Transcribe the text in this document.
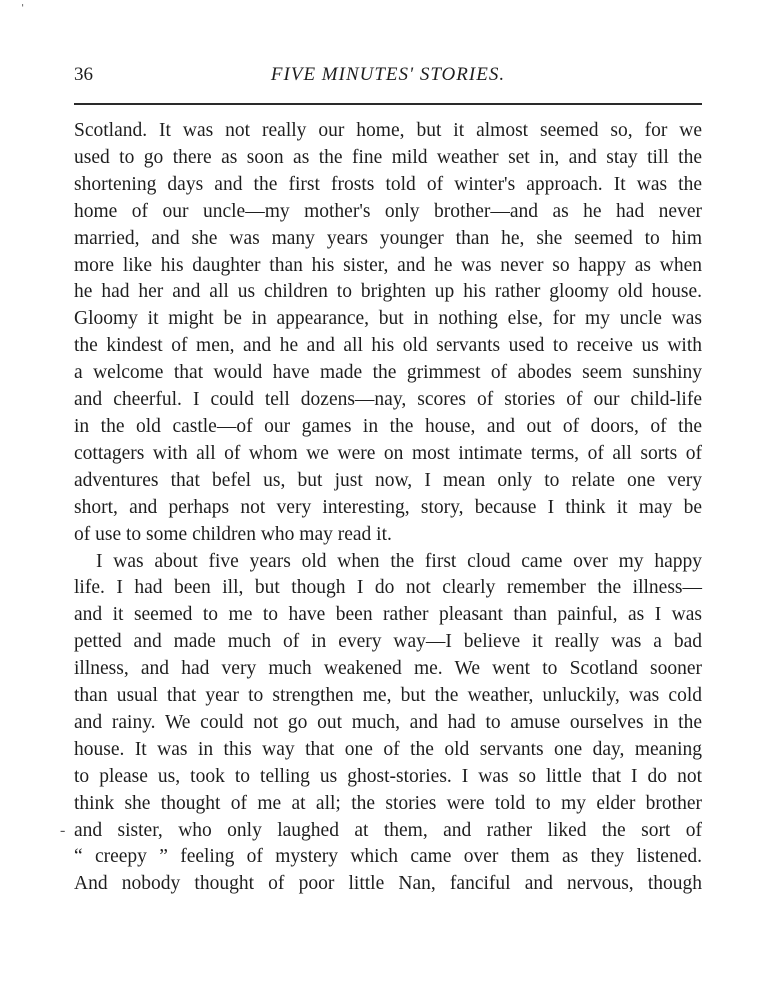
36	FIVE MINUTES' STORIES.
Scotland. It was not really our home, but it almost seemed so, for we
used to go there as soon as the fine mild weather set in, and stay till the
shortening days and the first frosts told of winter's approach. It was the
home of our uncle—my mother's only brother—and as he had never
married, and she was many years younger than he, she seemed to him
more like his daughter than his sister, and he was never so happy as when
he had her and all us children to brighten up his rather gloomy old house.
Gloomy it might be in appearance, but in nothing else, for my uncle was
the kindest of men, and he and all his old servants used to receive us with
a welcome that would have made the grimmest of abodes seem sunshiny
and cheerful. I could tell dozens—nay, scores of stories of our child-life
in the old castle—of our games in the house, and out of doors, of the
cottagers with all of whom we were on most intimate terms, of all sorts of
adventures that befel us, but just now, I mean only to relate one very
short, and perhaps not very interesting, story, because I think it may be
of use to some children who may read it.
I was about five years old when the first cloud came over my happy
life. I had been ill, but though I do not clearly remember the illness—
and it seemed to me to have been rather pleasant than painful, as I was
petted and made much of in every way—I believe it really was a bad
illness, and had very much weakened me. We went to Scotland sooner
than usual that year to strengthen me, but the weather, unluckily, was cold
and rainy. We could not go out much, and had to amuse ourselves in the
house. It was in this way that one of the old servants one day, meaning
to please us, took to telling us ghost-stories. I was so little that I do not
think she thought of me at all; the stories were told to my elder brother
and sister, who only laughed at them, and rather liked the sort of
“ creepy ” feeling of mystery which came over them as they listened.
And nobody thought of poor little Nan, fanciful and nervous, though
ˈ
-
